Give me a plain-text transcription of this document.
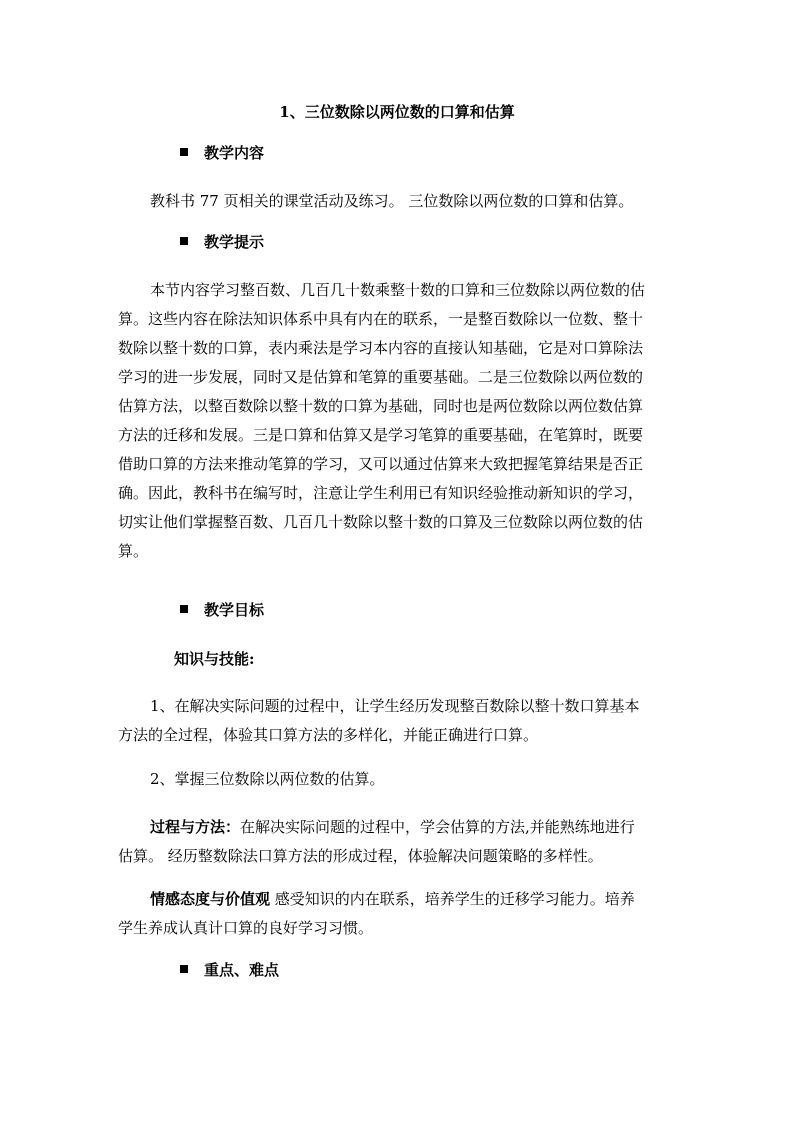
1、三位数除以两位数的口算和估算
教学内容
教科书 77 页相关的课堂活动及练习。 三位数除以两位数的口算和估算。
教学提示
本节内容学习整百数、几百几十数乘整十数的口算和三位数除以两位数的估
算。这些内容在除法知识体系中具有内在的联系，一是整百数除以一位数、整十
数除以整十数的口算，表内乘法是学习本内容的直接认知基础，它是对口算除法
学习的进一步发展，同时又是估算和笔算的重要基础。二是三位数除以两位数的
估算方法，以整百数除以整十数的口算为基础，同时也是两位数除以两位数估算
方法的迁移和发展。三是口算和估算又是学习笔算的重要基础，在笔算时，既要
借助口算的方法来推动笔算的学习，又可以通过估算来大致把握笔算结果是否正
确。因此，教科书在编写时，注意让学生利用已有知识经验推动新知识的学习，
切实让他们掌握整百数、几百几十数除以整十数的口算及三位数除以两位数的估
算。
教学目标
知识与技能:
1、在解决实际问题的过程中，让学生经历发现整百数除以整十数口算基本
方法的全过程，体验其口算方法的多样化，并能正确进行口算。
2、掌握三位数除以两位数的估算。
过程与方法：在解决实际问题的过程中，学会估算的方法,并能熟练地进行
估算。 经历整数除法口算方法的形成过程，体验解决问题策略的多样性。
情感态度与价值观 感受知识的内在联系，培养学生的迁移学习能力。培养
学生养成认真计口算的良好学习习惯。
重点、难点
